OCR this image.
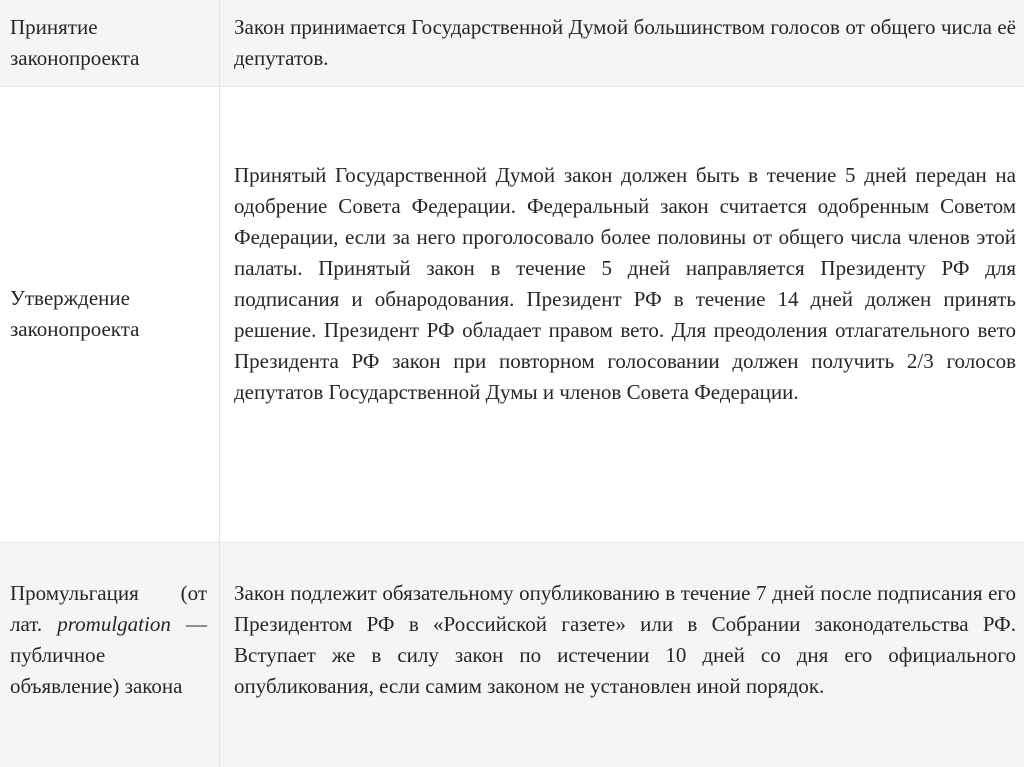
Принятие законопроекта
Закон принимается Государственной Думой большинством голосов от общего числа её депутатов.
Утверждение законопроекта
Принятый Государственной Думой закон должен быть в течение 5 дней передан на одобрение Совета Федерации. Федеральный закон считается одобренным Советом Федерации, если за него проголосовало более половины от общего числа членов этой палаты. Принятый закон в течение 5 дней направляется Президенту РФ для подписания и обнародования. Президент РФ в течение 14 дней должен принять решение. Президент РФ обладает правом вето. Для преодоления отлагательного вето Президента РФ закон при повторном голосовании должен получить 2/3 голосов депутатов Государственной Думы и членов Совета Федерации.
Промульгация (от лат. promulgation — публичное объявление) закона
Закон подлежит обязательному опубликованию в течение 7 дней после подписания его Президентом РФ в «Российской газете» или в Собрании законодательства РФ. Вступает же в силу закон по истечении 10 дней со дня его официального опубликования, если самим законом не установлен иной порядок.
